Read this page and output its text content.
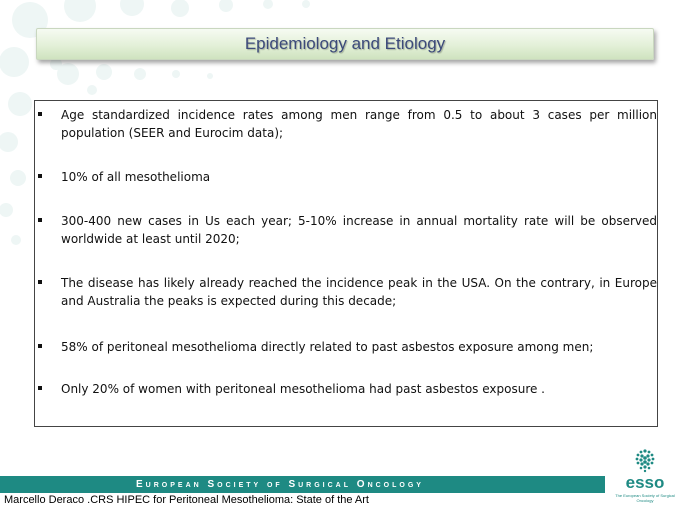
Epidemiology and Etiology
Age standardized incidence rates among men range from 0.5 to about 3 cases per million population (SEER and Eurocim data);
10% of all mesothelioma
300-400 new cases in Us each year; 5-10% increase in annual mortality rate will be observed worldwide at least until 2020;
The disease has likely already reached the incidence peak in the USA. On the contrary, in Europe and Australia the peaks is expected during this decade;
58% of peritoneal mesothelioma directly related to past asbestos exposure among men;
Only 20% of women with peritoneal mesothelioma had past asbestos exposure .
European Society of Surgical Oncology
Marcello Deraco .CRS HIPEC for Peritoneal Mesothelioma: State of the Art
esso
The European Society of Surgical Oncology
